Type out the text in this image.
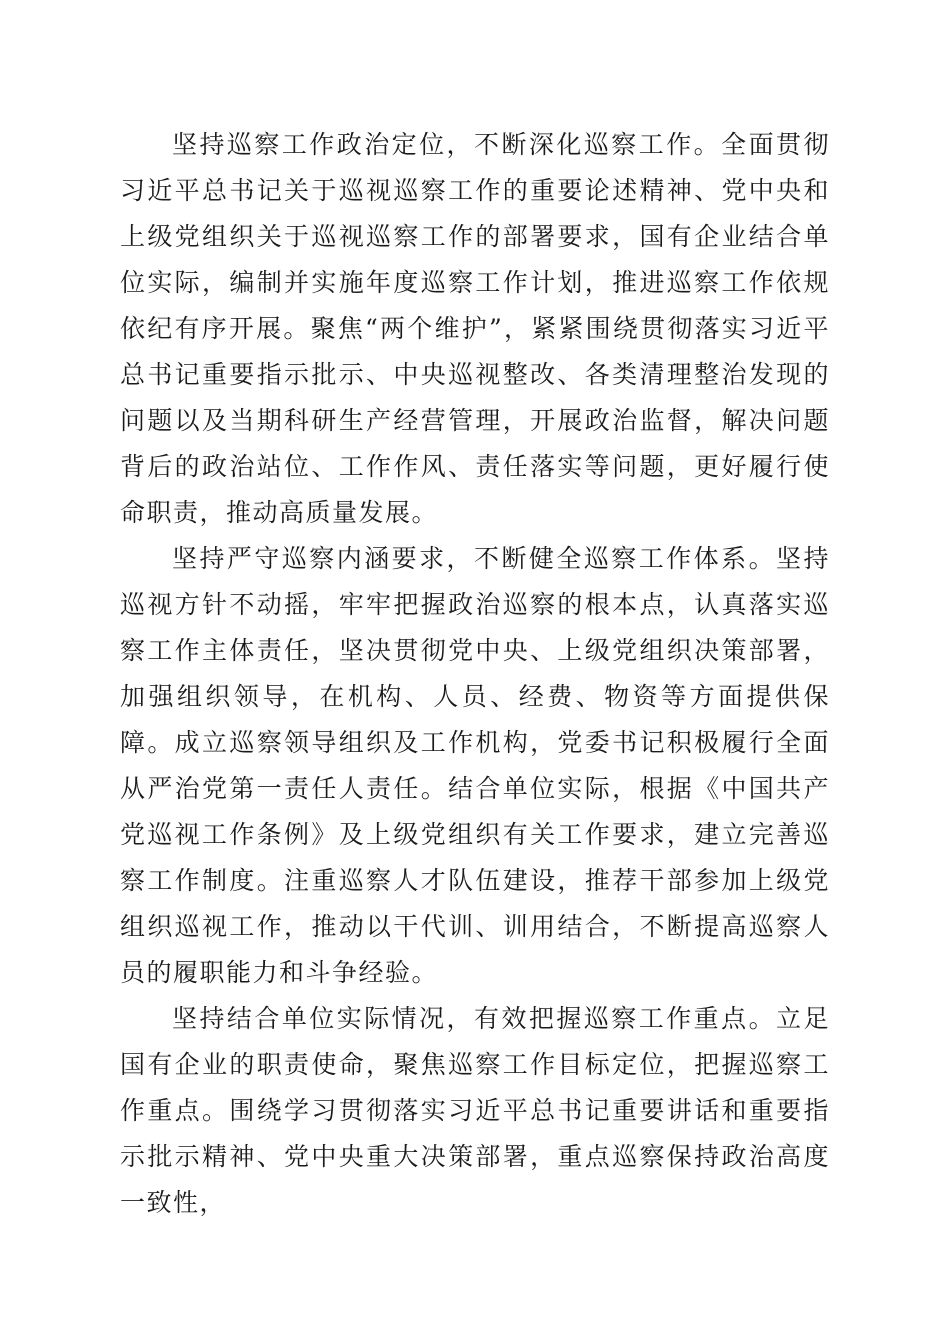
坚持巡察工作政治定位，不断深化巡察工作。全面贯彻习近平总书记关于巡视巡察工作的重要论述精神、党中央和上级党组织关于巡视巡察工作的部署要求，国有企业结合单位实际，编制并实施年度巡察工作计划，推进巡察工作依规依纪有序开展。聚焦“两个维护”，紧紧围绕贯彻落实习近平总书记重要指示批示、中央巡视整改、各类清理整治发现的问题以及当期科研生产经营管理，开展政治监督，解决问题背后的政治站位、工作作风、责任落实等问题，更好履行使命职责，推动高质量发展。

坚持严守巡察内涵要求，不断健全巡察工作体系。坚持巡视方针不动摇，牢牢把握政治巡察的根本点，认真落实巡察工作主体责任，坚决贯彻党中央、上级党组织决策部署，加强组织领导，在机构、人员、经费、物资等方面提供保障。成立巡察领导组织及工作机构，党委书记积极履行全面从严治党第一责任人责任。结合单位实际，根据《中国共产党巡视工作条例》及上级党组织有关工作要求，建立完善巡察工作制度。注重巡察人才队伍建设，推荐干部参加上级党组织巡视工作，推动以干代训、训用结合，不断提高巡察人员的履职能力和斗争经验。

坚持结合单位实际情况，有效把握巡察工作重点。立足国有企业的职责使命，聚焦巡察工作目标定位，把握巡察工作重点。围绕学习贯彻落实习近平总书记重要讲话和重要指示批示精神、党中央重大决策部署，重点巡察保持政治高度一致性，
